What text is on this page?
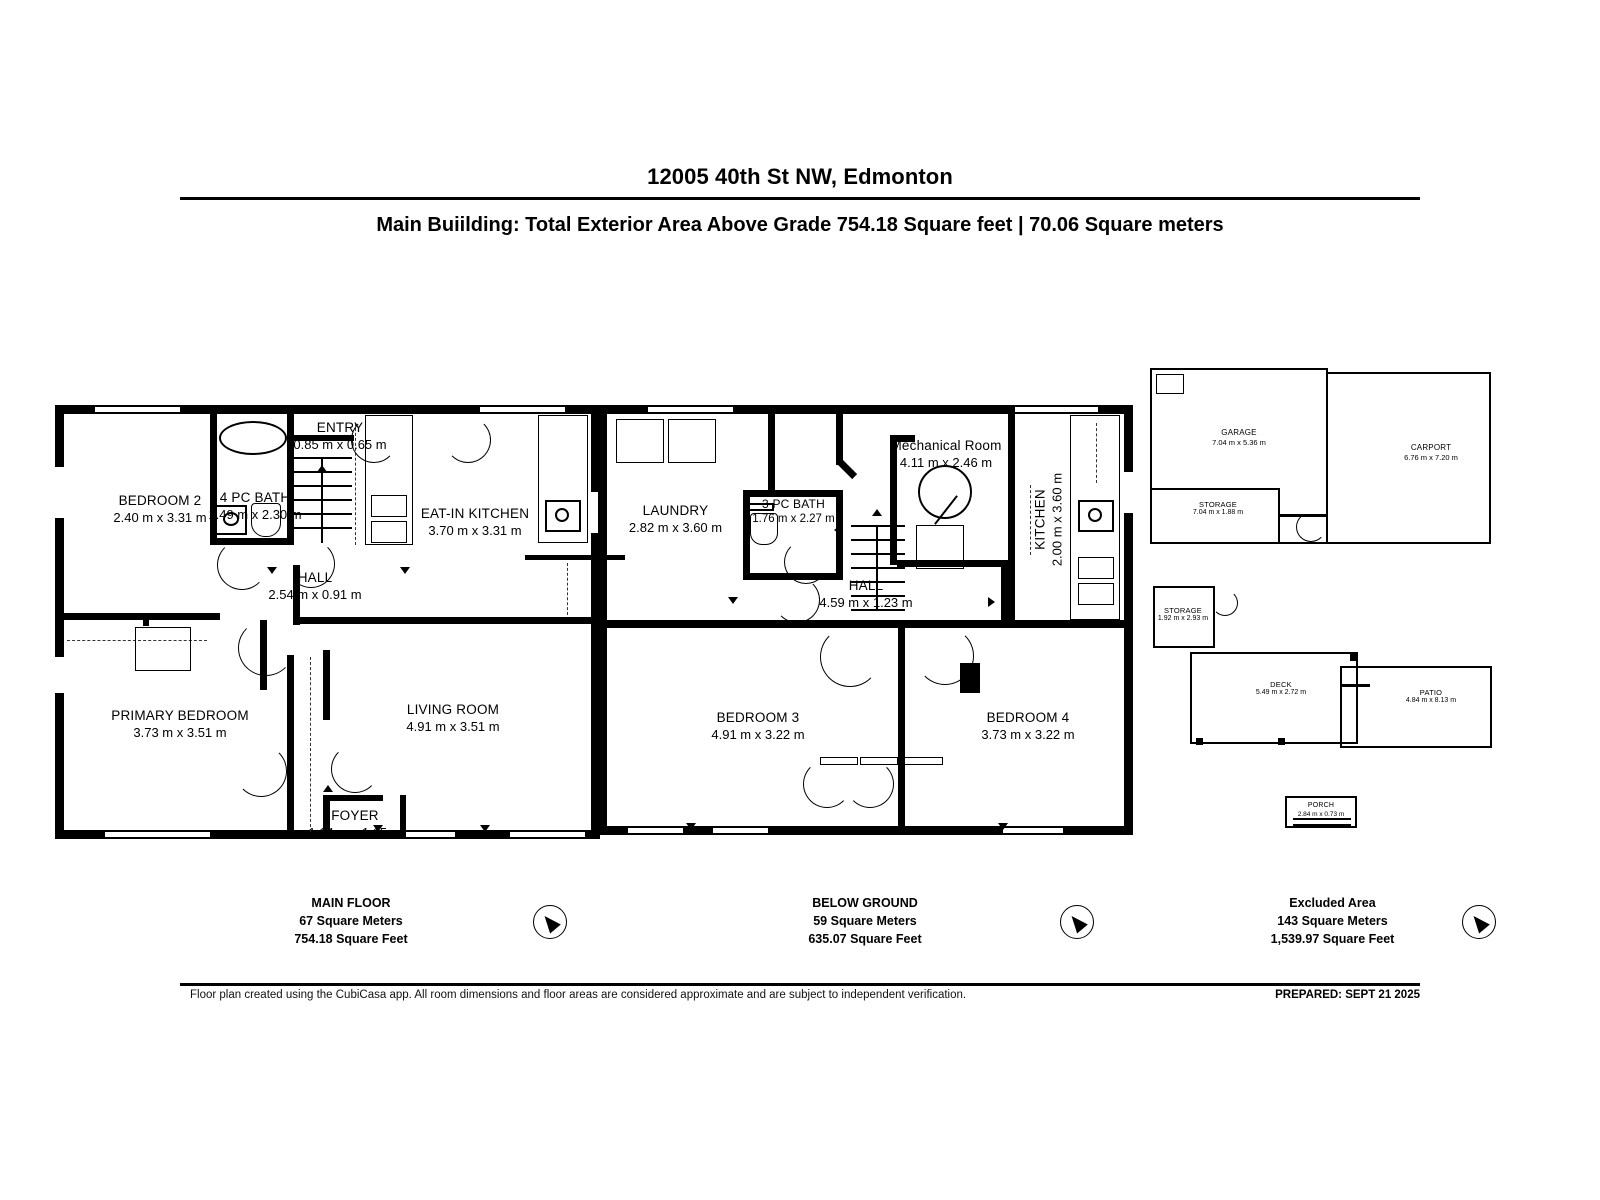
12005 40th St NW, Edmonton
Main Buiilding: Total Exterior Area Above Grade 754.18 Square feet | 70.06 Square meters
BEDROOM 2
2.40 m x 3.31 m
4 PC BATH
1.49 m x 2.30 m
ENTRY
0.85 m x 0.65 m
EAT-IN KITCHEN
3.70 m x 3.31 m
HALL
2.54 m x 0.91 m
PRIMARY BEDROOM
3.73 m x 3.51 m
LIVING ROOM
4.91 m x 3.51 m
FOYER
1.14 m x 1.15 m
MAIN FLOOR
67 Square Meters
754.18 Square Feet
LAUNDRY
2.82 m x 3.60 m
3 PC BATH
1.76 m x 2.27 m
Mechanical Room
4.11 m x 2.46 m
KITCHEN 2.00 m x 3.60 m
HALL
4.59 m x 1.23 m
BEDROOM 3
4.91 m x 3.22 m
BEDROOM 4
3.73 m x 3.22 m
BELOW GROUND
59 Square Meters
635.07 Square Feet
GARAGE
7.04 m x 5.36 m
CARPORT
6.76 m x 7.20 m
STORAGE
7.04 m x 1.88 m
STORAGE
1.92 m x 2.93 m
DECK
5.49 m x 2.72 m	PATIO
4.84 m x 8.13 m
PORCH
2.84 m x 0.73 m
Excluded Area
143 Square Meters
1,539.97 Square Feet
Floor plan created using the CubiCasa app. All room dimensions and floor areas are considered approximate and are subject to independent verification.	PREPARED: SEPT 21 2025
